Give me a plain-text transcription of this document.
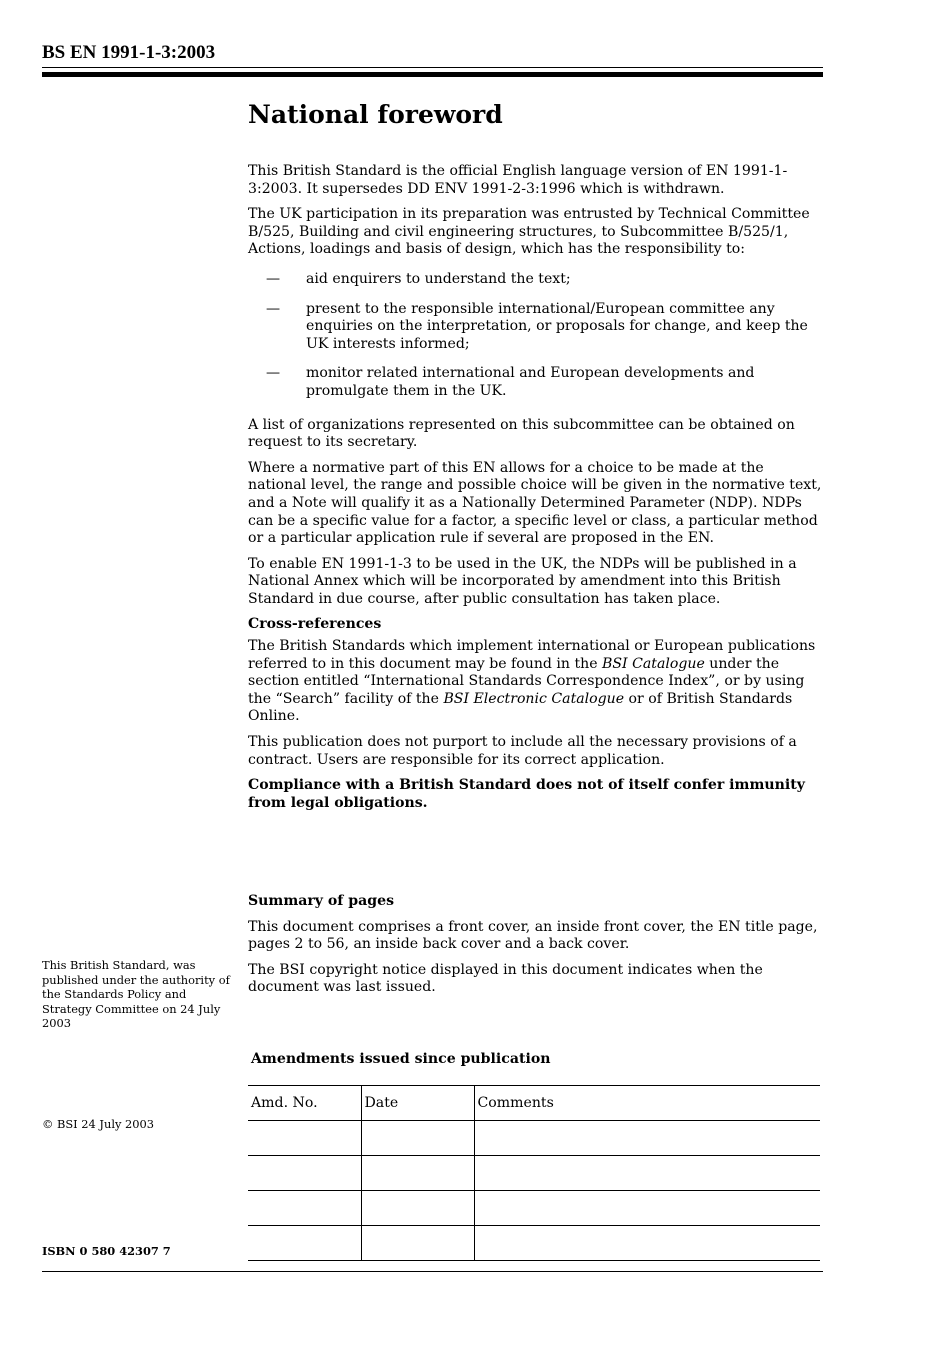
BS EN 1991-1-3:2003
National foreword

This British Standard is the official English language version of EN 1991-1-3:2003. It supersedes DD ENV 1991-2-3:1996 which is withdrawn.

The UK participation in its preparation was entrusted by Technical Committee B/525, Building and civil engineering structures, to Subcommittee B/525/1, Actions, loadings and basis of design, which has the responsibility to:

—	aid enquirers to understand the text;
—	present to the responsible international/European committee any enquiries on the interpretation, or proposals for change, and keep the UK interests informed;
—	monitor related international and European developments and promulgate them in the UK.

A list of organizations represented on this subcommittee can be obtained on request to its secretary.

Where a normative part of this EN allows for a choice to be made at the national level, the range and possible choice will be given in the normative text, and a Note will qualify it as a Nationally Determined Parameter (NDP). NDPs can be a specific value for a factor, a specific level or class, a particular method or a particular application rule if several are proposed in the EN.

To enable EN 1991-1-3 to be used in the UK, the NDPs will be published in a National Annex which will be incorporated by amendment into this British Standard in due course, after public consultation has taken place.

Cross-references

The British Standards which implement international or European publications referred to in this document may be found in the BSI Catalogue under the section entitled “International Standards Correspondence Index”, or by using the “Search” facility of the BSI Electronic Catalogue or of British Standards Online.

This publication does not purport to include all the necessary provisions of a contract. Users are responsible for its correct application.

Compliance with a British Standard does not of itself confer immunity from legal obligations.

Summary of pages

This document comprises a front cover, an inside front cover, the EN title page, pages 2 to 56, an inside back cover and a back cover.

The BSI copyright notice displayed in this document indicates when the document was last issued.

This British Standard, was published under the authority of the Standards Policy and Strategy Committee on 24 July 2003
© BSI 24 July 2003
ISBN 0 580 42307 7
Amendments issued since publication
Amd. No.	Date	Comments
